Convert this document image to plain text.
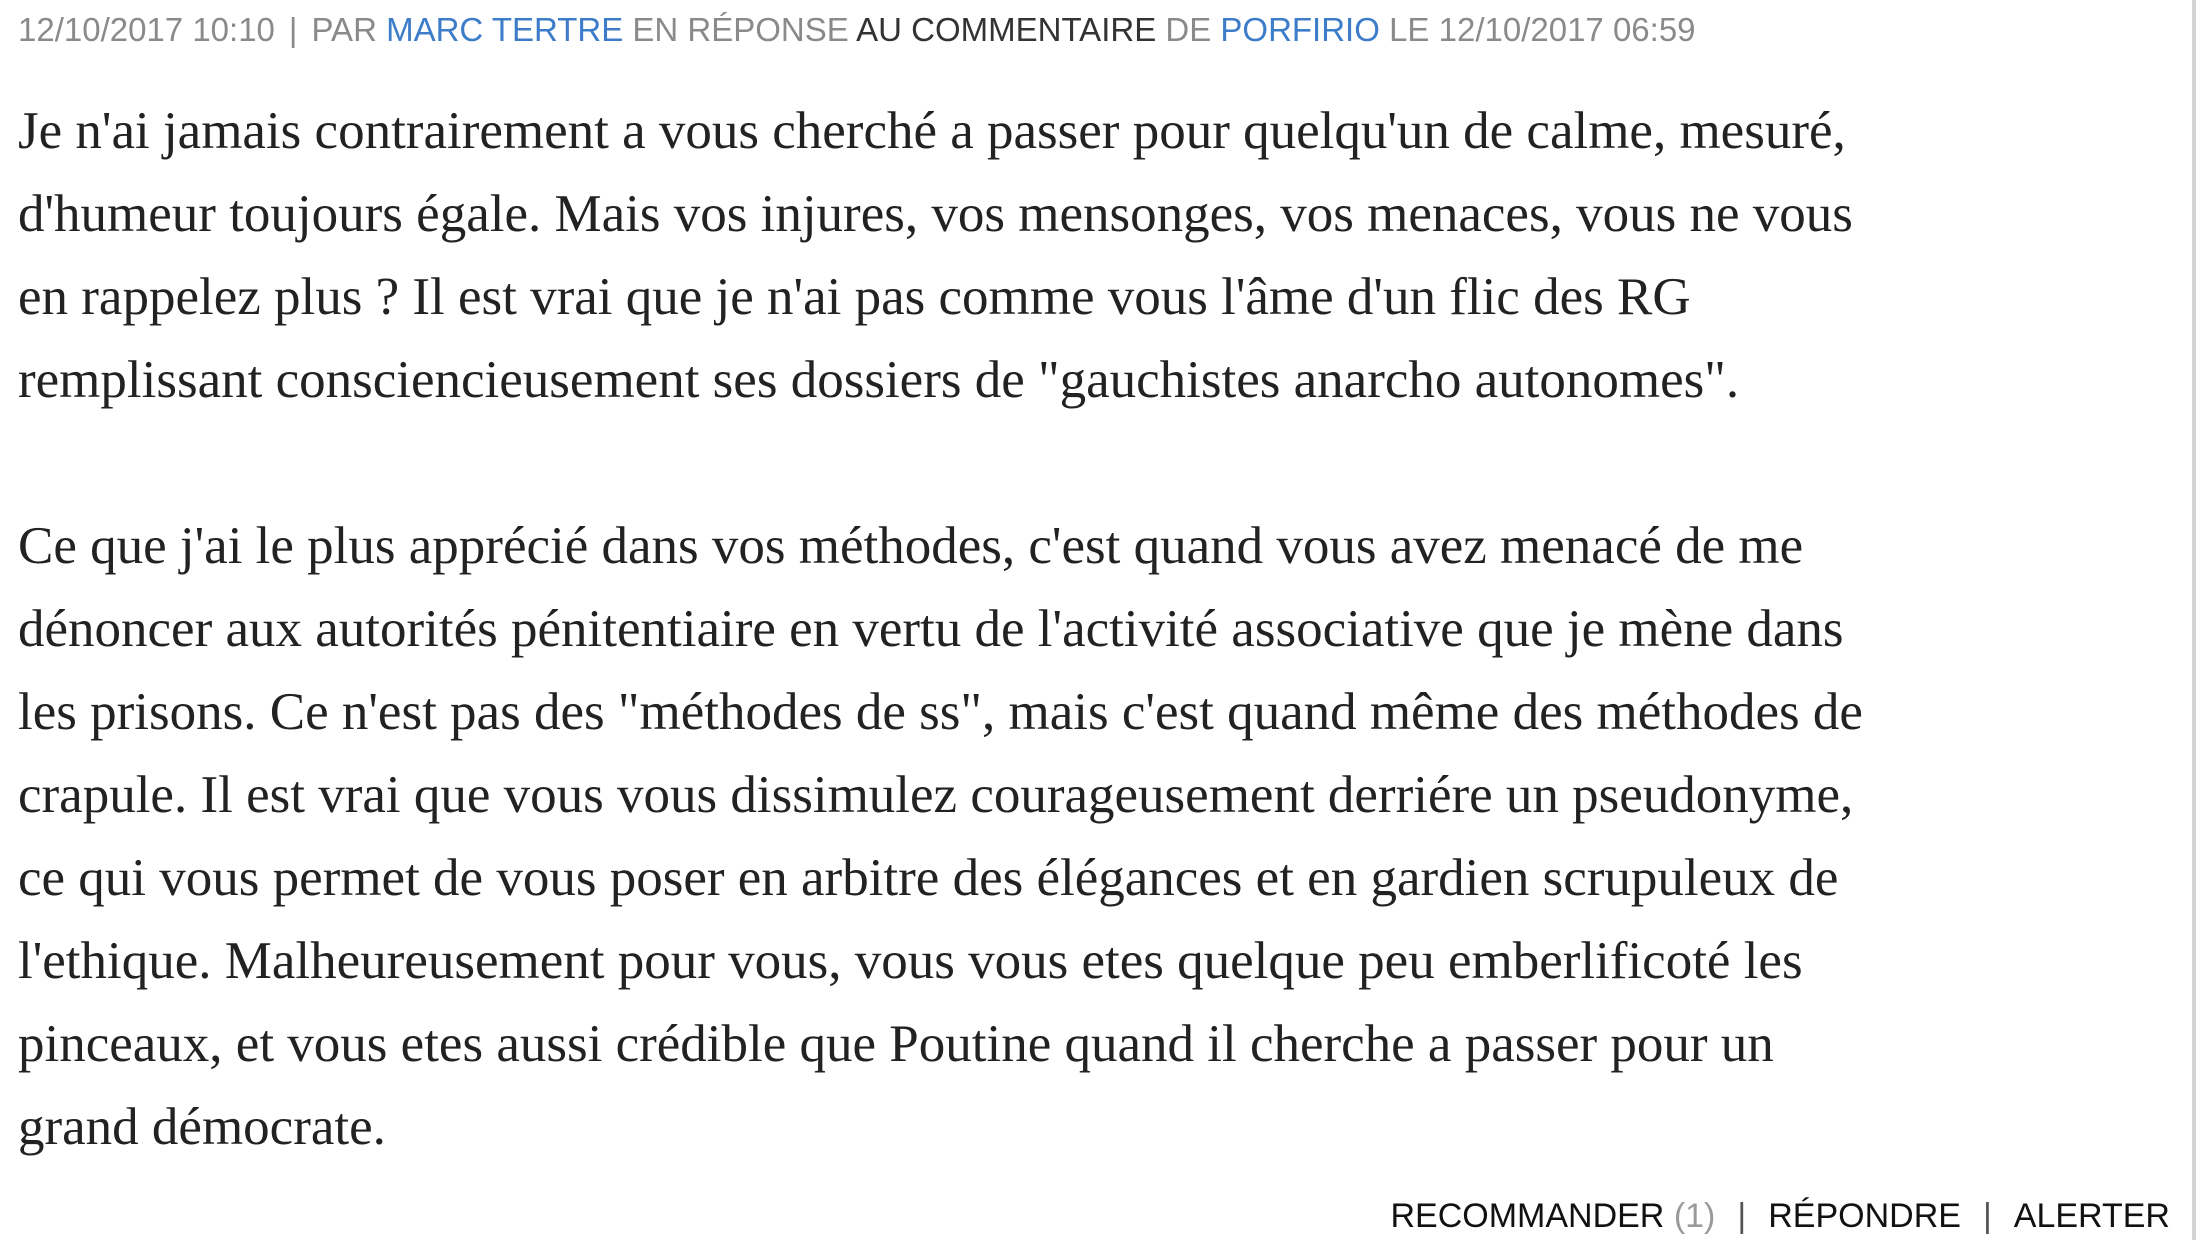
12/10/2017 10:10 | PAR MARC TERTRE EN RÉPONSE AU COMMENTAIRE DE PORFIRIO LE 12/10/2017 06:59

Je n'ai jamais contrairement a vous cherché a passer pour quelqu'un de calme, mesuré,

d'humeur toujours égale. Mais vos injures, vos mensonges, vos menaces, vous ne vous

en rappelez plus ? Il est vrai que je n'ai pas comme vous l'âme d'un flic des RG

remplissant consciencieusement ses dossiers de "gauchistes anarcho autonomes".

Ce que j'ai le plus apprécié dans vos méthodes, c'est quand vous avez menacé de me

dénoncer aux autorités pénitentiaire en vertu de l'activité associative que je mène dans

les prisons. Ce n'est pas des "méthodes de ss", mais c'est quand même des méthodes de

crapule. Il est vrai que vous vous dissimulez courageusement derriére un pseudonyme,

ce qui vous permet de vous poser en arbitre des élégances et en gardien scrupuleux de

l'ethique. Malheureusement pour vous, vous vous etes quelque peu emberlificoté les

pinceaux, et vous etes aussi crédible que Poutine quand il cherche a passer pour un

grand démocrate.

RECOMMANDER (1) | RÉPONDRE | ALERTER
